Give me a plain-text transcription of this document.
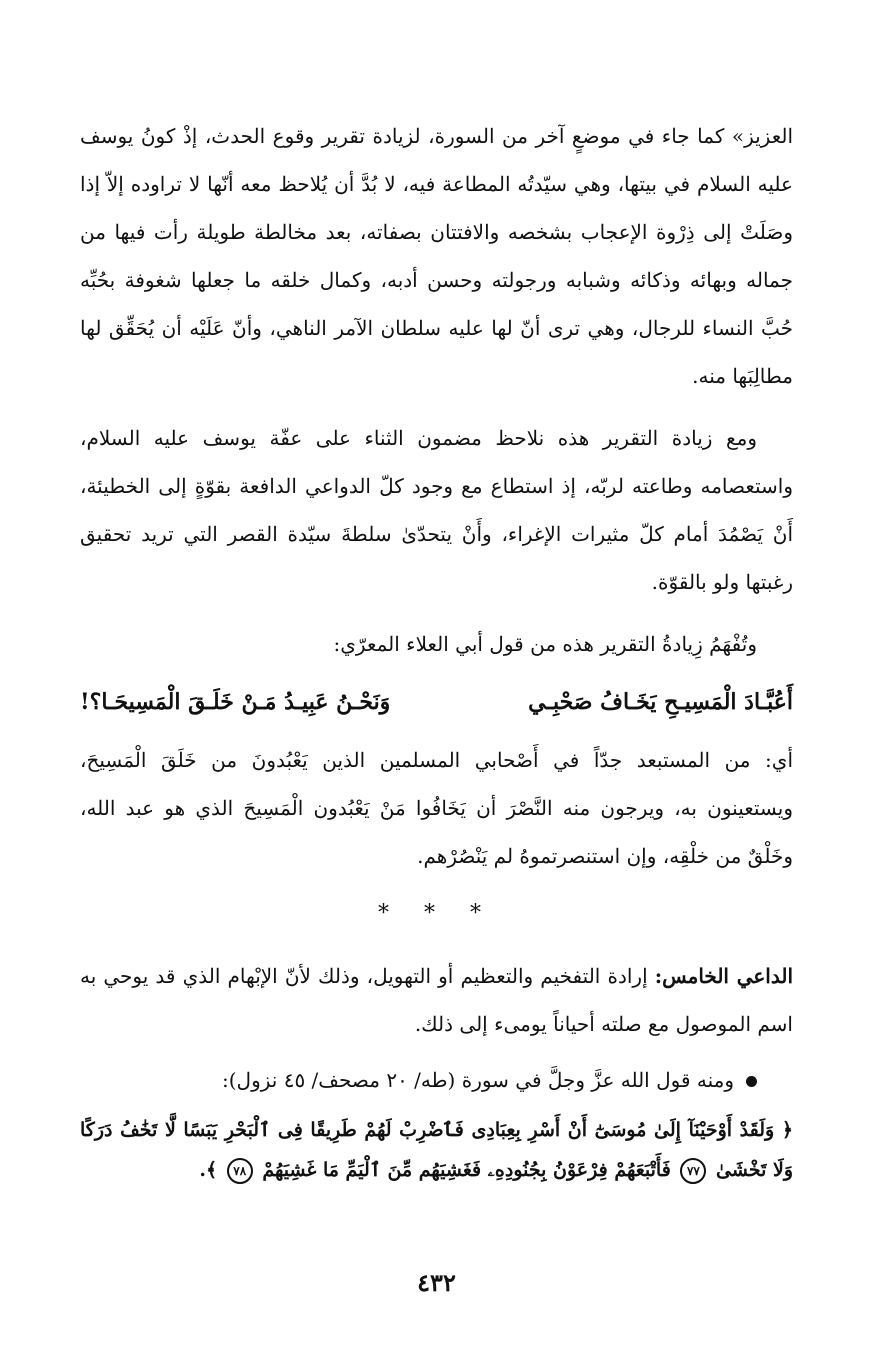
العزيز» كما جاء في موضعٍ آخر من السورة، لزيادة تقرير وقوع الحدث، إذْ كونُ يوسف عليه السلام في بيتها، وهي سيّدتُه المطاعة فيه، لا بُدَّ أن يُلاحظ معه أنّها لا تراوده إلاّ إذا وصَلَتْ إلى ذِرْوة الإعجاب بشخصه والافتتان بصفاته، بعد مخالطة طويلة رأت فيها من جماله وبهائه وذكائه وشبابه ورجولته وحسن أدبه، وكمال خلقه ما جعلها شغوفة بحُبِّه حُبَّ النساء للرجال، وهي ترى أنّ لها عليه سلطان الآمر الناهي، وأنّ عَلَيْه أن يُحَقِّق لها مطالِبَها منه.

ومع زيادة التقرير هذه نلاحظ مضمون الثناء على عفّة يوسف عليه السلام، واستعصامه وطاعته لربّه، إذ استطاع مع وجود كلّ الدواعي الدافعة بقوّةٍ إلى الخطيئة، أَنْ يَصْمُدَ أمام كلّ مثيرات الإغراء، وأَنْ يتحدّىٰ سلطةَ سيّدة القصر التي تريد تحقيق رغبتها ولو بالقوّة.

وتُفْهَمُ زِيادةُ التقرير هذه من قول أبي العلاء المعرّي:

أَعُبَّـادَ الْمَسِيـحِ يَخَـافُ صَحْبِـي
وَنَحْـنُ عَبِيـدُ مَـنْ خَلَـقَ الْمَسِيحَـا؟!

أي: من المستبعد جدّاً في أَصْحابي المسلمين الذين يَعْبُدونَ من خَلَقَ الْمَسِيحَ، ويستعينون به، ويرجون منه النَّصْرَ أن يَخَافُوا مَنْ يَعْبُدون الْمَسِيحَ الذي هو عبد الله، وخَلْقٌ من خلْقِه، وإن استنصرتموهُ لم يَنْصُرْهم.

* * *

الداعي الخامس: إرادة التفخيم والتعظيم أو التهويل، وذلك لأنّ الإبْهام الذي قد يوحي به اسم الموصول مع صلته أحياناً يومىء إلى ذلك.

ومنه قول الله عزَّ وجلَّ في سورة (طه/ ٢٠ مصحف/ ٤٥ نزول):
﴿ وَلَقَدْ أَوْحَيْنَآ إِلَىٰ مُوسَىٰٓ أَنْ أَسْرِ بِعِبَادِى فَٱضْرِبْ لَهُمْ طَرِيقًا فِى ٱلْبَحْرِ يَبَسًا لَّا تَخَٰفُ دَرَكًا وَلَا تَخْشَىٰ ٧٧ فَأَتْبَعَهُمْ فِرْعَوْنُ بِجُنُودِهِۦ فَغَشِيَهُم مِّنَ ٱلْيَمِّ مَا غَشِيَهُمْ ٧٨ ﴾.
٤٣٢
